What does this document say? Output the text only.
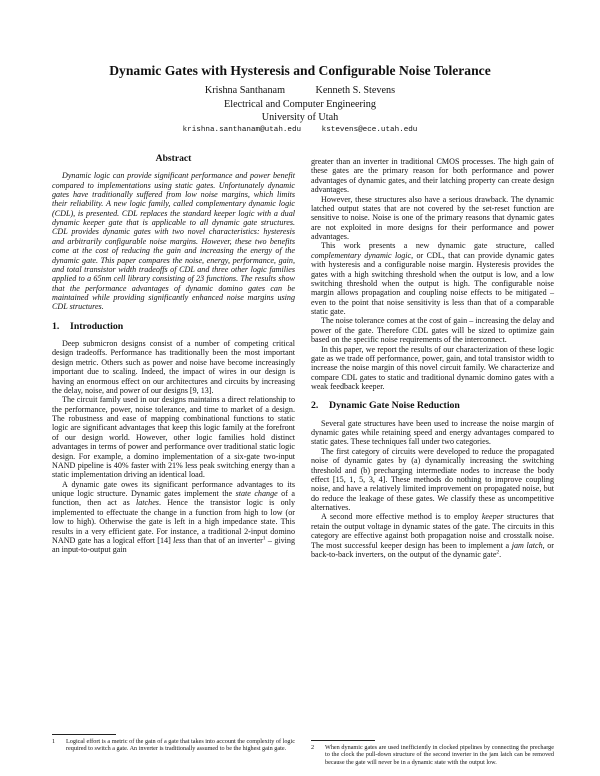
Dynamic Gates with Hysteresis and Configurable Noise Tolerance
Krishna Santhanam	Kenneth S. Stevens
Electrical and Computer Engineering
University of Utah
krishna.santhanam@utah.edu	kstevens@ece.utah.edu
Abstract

Dynamic logic can provide significant performance and power benefit compared to implementations using static gates. Unfortunately dynamic gates have traditionally suffered from low noise margins, which limits their reliability. A new logic family, called complementary dynamic logic (CDL), is presented. CDL replaces the standard keeper logic with a dual dynamic keeper gate that is applicable to all dynamic gate structures. CDL provides dynamic gates with two novel characteristics: hysteresis and arbitrarily configurable noise margins. However, these two benefits come at the cost of reducing the gain and increasing the energy of the dynamic gate. This paper compares the noise, energy, performance, gain, and total transistor width tradeoffs of CDL and three other logic families applied to a 65nm cell library consisting of 23 functions. The results show that the performance advantages of dynamic domino gates can be maintained while providing significantly enhanced noise margins using CDL structures.

1. Introduction

Deep submicron designs consist of a number of competing critical design tradeoffs. Performance has traditionally been the most important design metric. Others such as power and noise have become increasingly important due to scaling. Indeed, the impact of wires in our design is having an enormous effect on our architectures and circuits by increasing the delay, noise, and power of our designs [9, 13].

The circuit family used in our designs maintains a direct relationship to the performance, power, noise tolerance, and time to market of a design. The robustness and ease of mapping combinational functions to static logic are significant advantages that keep this logic family at the forefront of our design world. However, other logic families hold distinct advantages in terms of power and performance over traditional static logic design. For example, a domino implementation of a six-gate two-input NAND pipeline is 40% faster with 21% less peak switching energy than a static implementation driving an identical load.

A dynamic gate owes its significant performance advantages to its unique logic structure. Dynamic gates implement the state change of a function, then act as latches. Hence the transistor logic is only implemented to effectuate the change in a function from high to low (or low to high). Otherwise the gate is left in a high impedance state. This results in a very efficient gate. For instance, a traditional 2-input domino NAND gate has a logical effort [14] less than that of an inverter$^1$ – giving an input-to-output gain

greater than an inverter in traditional CMOS processes. The high gain of these gates are the primary reason for both performance and power advantages of dynamic gates, and their latching property can create design advantages.

However, these structures also have a serious drawback. The dynamic latched output states that are not covered by the set-reset function are sensitive to noise. Noise is one of the primary reasons that dynamic gates are not exploited in more designs for their performance and power advantages.

This work presents a new dynamic gate structure, called complementary dynamic logic, or CDL, that can provide dynamic gates with hysteresis and a configurable noise margin. Hysteresis provides the gates with a high switching threshold when the output is low, and a low switching threshold when the output is high. The configurable noise margin allows propagation and coupling noise effects to be mitigated – even to the point that noise sensitivity is less than that of a comparable static gate.

The noise tolerance comes at the cost of gain – increasing the delay and power of the gate. Therefore CDL gates will be sized to optimize gain based on the specific noise requirements of the interconnect.

In this paper, we report the results of our characterization of these logic gate as we trade off performance, power, gain, and total transistor width to increase the noise margin of this novel circuit family. We characterize and compare CDL gates to static and traditional dynamic domino gates with a weak feedback keeper.

2. Dynamic Gate Noise Reduction

Several gate structures have been used to increase the noise margin of dynamic gates while retaining speed and energy advantages compared to static gates. These techniques fall under two categories.

The first category of circuits were developed to reduce the propagated noise of dynamic gates by (a) dynamically increasing the switching threshold and (b) precharging intermediate nodes to increase the body effect [15, 1, 5, 3, 4]. These methods do nothing to improve coupling noise, and have a relatively limited improvement on propagated noise, but do reduce the leakage of these gates. We classify these as uncompetitive alternatives.

A second more effective method is to employ keeper structures that retain the output voltage in dynamic states of the gate. The circuits in this category are effective against both propagation noise and crosstalk noise. The most successful keeper design has been to implement a jam latch, or back-to-back inverters, on the output of the dynamic gate$^2$.

1	Logical effort is a metric of the gain of a gate that takes into account the complexity of logic required to switch a gate. An inverter is traditionally assumed to be the highest gain gate.	2	When dynamic gates are used inefficiently in clocked pipelines by connecting the precharge to the clock the pull-down structure of the second inverter in the jam latch can be removed because the gate will never be in a dynamic state with the output low.
